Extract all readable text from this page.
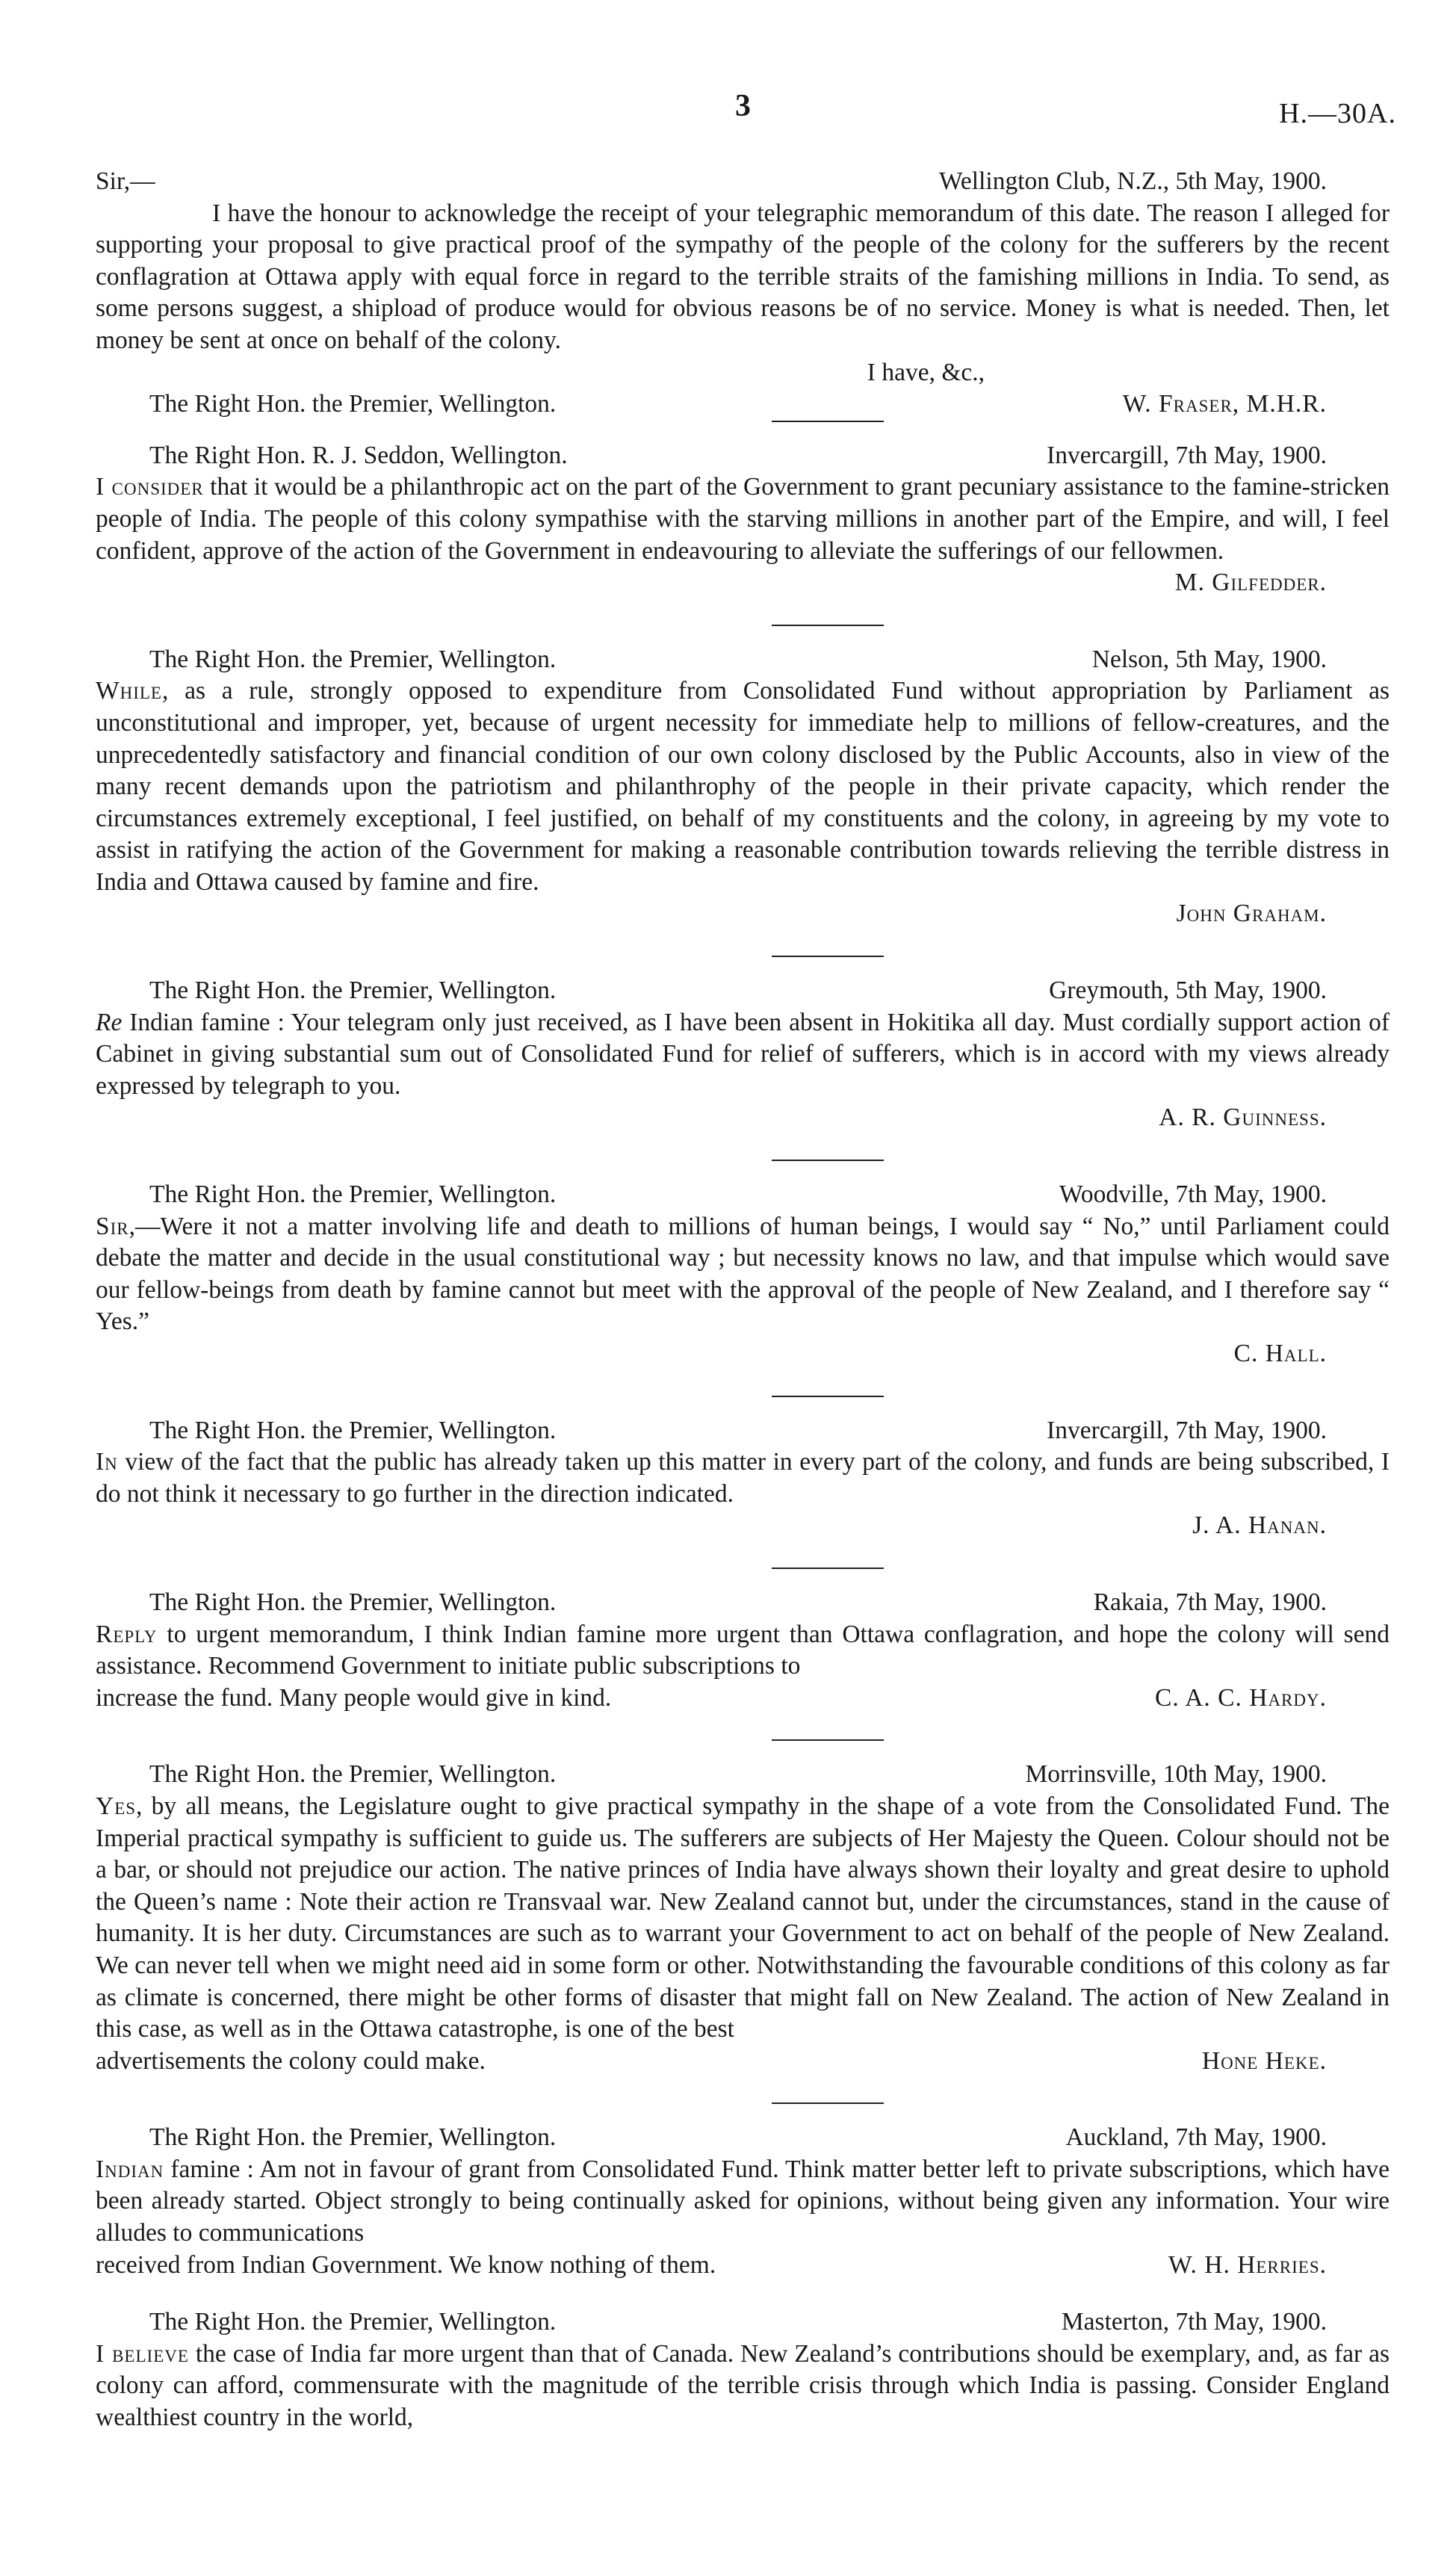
3	H.—30A.
Sir,—	Wellington Club, N.Z., 5th May, 1900.

I have the honour to acknowledge the receipt of your telegraphic memorandum of this date. The reason I alleged for supporting your proposal to give practical proof of the sympathy of the people of the colony for the sufferers by the recent conflagration at Ottawa apply with equal force in regard to the terrible straits of the famishing millions in India. To send, as some persons suggest, a shipload of produce would for obvious reasons be of no service. Money is what is needed. Then, let money be sent at once on behalf of the colony.

I have, &c.,
The Right Hon. the Premier, Wellington.	W. Fraser, M.H.R.
The Right Hon. R. J. Seddon, Wellington.	Invercargill, 7th May, 1900.

I consider that it would be a philanthropic act on the part of the Government to grant pecuniary assistance to the famine-stricken people of India. The people of this colony sympathise with the starving millions in another part of the Empire, and will, I feel confident, approve of the action of the Government in endeavouring to alleviate the sufferings of our fellowmen.

M. Gilfedder.
The Right Hon. the Premier, Wellington.	Nelson, 5th May, 1900.

While, as a rule, strongly opposed to expenditure from Consolidated Fund without appropriation by Parliament as unconstitutional and improper, yet, because of urgent necessity for immediate help to millions of fellow-creatures, and the unprecedentedly satisfactory and financial condition of our own colony disclosed by the Public Accounts, also in view of the many recent demands upon the patriotism and philanthrophy of the people in their private capacity, which render the circumstances extremely exceptional, I feel justified, on behalf of my constituents and the colony, in agreeing by my vote to assist in ratifying the action of the Government for making a reasonable contribution towards relieving the terrible distress in India and Ottawa caused by famine and fire.

John Graham.
The Right Hon. the Premier, Wellington.	Greymouth, 5th May, 1900.

Re Indian famine : Your telegram only just received, as I have been absent in Hokitika all day. Must cordially support action of Cabinet in giving substantial sum out of Consolidated Fund for relief of sufferers, which is in accord with my views already expressed by telegraph to you.

A. R. Guinness.
The Right Hon. the Premier, Wellington.	Woodville, 7th May, 1900.

Sir,—Were it not a matter involving life and death to millions of human beings, I would say “ No,” until Parliament could debate the matter and decide in the usual constitutional way ; but necessity knows no law, and that impulse which would save our fellow-beings from death by famine cannot but meet with the approval of the people of New Zealand, and I therefore say “ Yes.”

C. Hall.
The Right Hon. the Premier, Wellington.	Invercargill, 7th May, 1900.

In view of the fact that the public has already taken up this matter in every part of the colony, and funds are being subscribed, I do not think it necessary to go further in the direction indicated.

J. A. Hanan.
The Right Hon. the Premier, Wellington.	Rakaia, 7th May, 1900.

Reply to urgent memorandum, I think Indian famine more urgent than Ottawa conflagration, and hope the colony will send assistance. Recommend Government to initiate public subscriptions to

increase the fund. Many people would give in kind.	C. A. C. Hardy.
The Right Hon. the Premier, Wellington.	Morrinsville, 10th May, 1900.

Yes, by all means, the Legislature ought to give practical sympathy in the shape of a vote from the Consolidated Fund. The Imperial practical sympathy is sufficient to guide us. The sufferers are subjects of Her Majesty the Queen. Colour should not be a bar, or should not prejudice our action. The native princes of India have always shown their loyalty and great desire to uphold the Queen’s name : Note their action re Transvaal war. New Zealand cannot but, under the circumstances, stand in the cause of humanity. It is her duty. Circumstances are such as to warrant your Government to act on behalf of the people of New Zealand. We can never tell when we might need aid in some form or other. Notwithstanding the favourable conditions of this colony as far as climate is concerned, there might be other forms of disaster that might fall on New Zealand. The action of New Zealand in this case, as well as in the Ottawa catastrophe, is one of the best

advertisements the colony could make.	Hone Heke.
The Right Hon. the Premier, Wellington.	Auckland, 7th May, 1900.

Indian famine : Am not in favour of grant from Consolidated Fund. Think matter better left to private subscriptions, which have been already started. Object strongly to being continually asked for opinions, without being given any information. Your wire alludes to communications

received from Indian Government. We know nothing of them.	W. H. Herries.
The Right Hon. the Premier, Wellington.	Masterton, 7th May, 1900.

I believe the case of India far more urgent than that of Canada. New Zealand’s contributions should be exemplary, and, as far as colony can afford, commensurate with the magnitude of the terrible crisis through which India is passing. Consider England wealthiest country in the world,
